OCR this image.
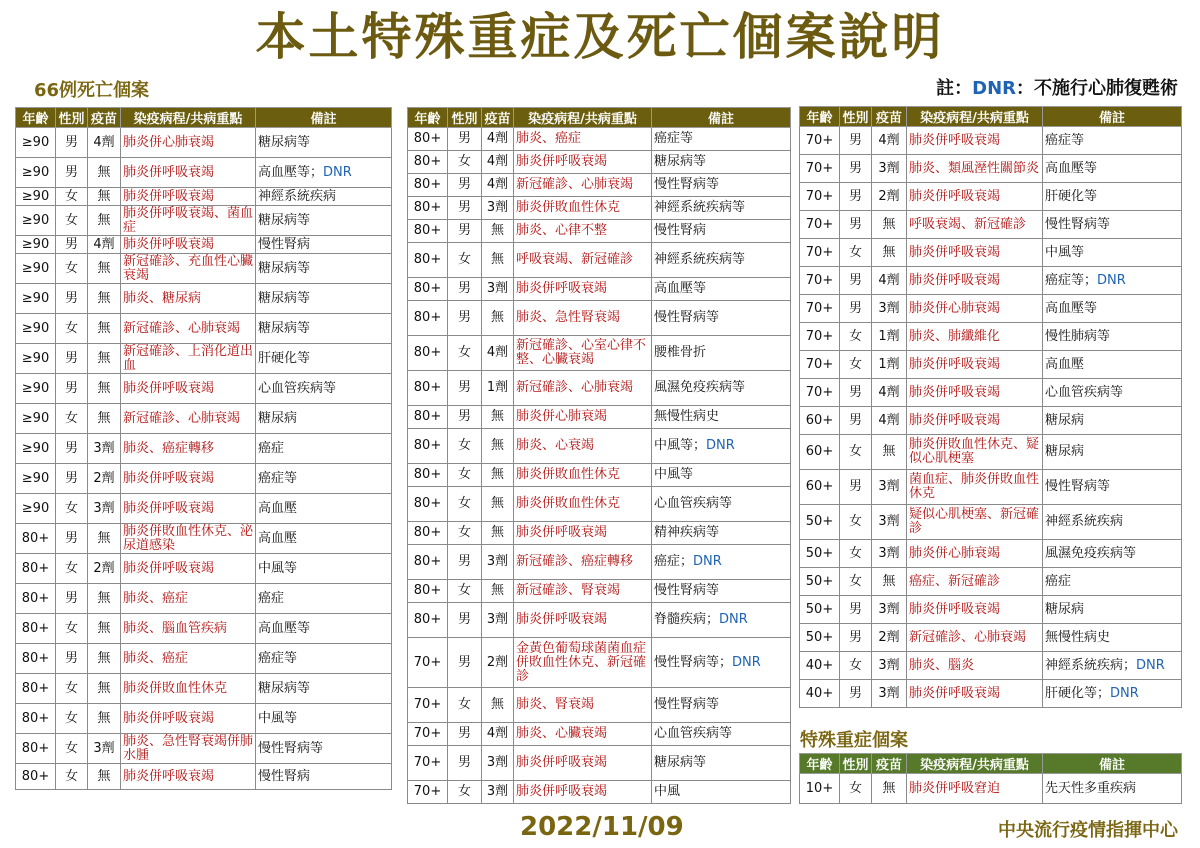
本土特殊重症及死亡個案說明
66例死亡個案	註：DNR：不施行心肺復甦術
年齡	性別	疫苗	染疫病程/共病重點	備註
≥90	男	4劑	肺炎併心肺衰竭	糖尿病等
≥90	男	無	肺炎併呼吸衰竭	高血壓等；DNR
≥90	女	無	肺炎併呼吸衰竭	神經系統疾病
≥90	女	無	肺炎併呼吸衰竭、菌血症	糖尿病等
≥90	男	4劑	肺炎併呼吸衰竭	慢性腎病
≥90	女	無	新冠確診、充血性心臟衰竭	糖尿病等
≥90	男	無	肺炎、糖尿病	糖尿病等
≥90	女	無	新冠確診、心肺衰竭	糖尿病等
≥90	男	無	新冠確診、上消化道出血	肝硬化等
≥90	男	無	肺炎併呼吸衰竭	心血管疾病等
≥90	女	無	新冠確診、心肺衰竭	糖尿病
≥90	男	3劑	肺炎、癌症轉移	癌症
≥90	男	2劑	肺炎併呼吸衰竭	癌症等
≥90	女	3劑	肺炎併呼吸衰竭	高血壓
80+	男	無	肺炎併敗血性休克、泌尿道感染	高血壓
80+	女	2劑	肺炎併呼吸衰竭	中風等
80+	男	無	肺炎、癌症	癌症
80+	女	無	肺炎、腦血管疾病	高血壓等
80+	男	無	肺炎、癌症	癌症等
80+	女	無	肺炎併敗血性休克	糖尿病等
80+	女	無	肺炎併呼吸衰竭	中風等
80+	女	3劑	肺炎、急性腎衰竭併肺水腫	慢性腎病等
80+	女	無	肺炎併呼吸衰竭	慢性腎病
年齡	性別	疫苗	染疫病程/共病重點	備註
80+	男	4劑	肺炎、癌症	癌症等
80+	女	4劑	肺炎併呼吸衰竭	糖尿病等
80+	男	4劑	新冠確診、心肺衰竭	慢性腎病等
80+	男	3劑	肺炎併敗血性休克	神經系統疾病等
80+	男	無	肺炎、心律不整	慢性腎病
80+	女	無	呼吸衰竭、新冠確診	神經系統疾病等
80+	男	3劑	肺炎併呼吸衰竭	高血壓等
80+	男	無	肺炎、急性腎衰竭	慢性腎病等
80+	女	4劑	新冠確診、心室心律不整、心臟衰竭	腰椎骨折
80+	男	1劑	新冠確診、心肺衰竭	風濕免疫疾病等
80+	男	無	肺炎併心肺衰竭	無慢性病史
80+	女	無	肺炎、心衰竭	中風等；DNR
80+	女	無	肺炎併敗血性休克	中風等
80+	女	無	肺炎併敗血性休克	心血管疾病等
80+	女	無	肺炎併呼吸衰竭	精神疾病等
80+	男	3劑	新冠確診、癌症轉移	癌症；DNR
80+	女	無	新冠確診、腎衰竭	慢性腎病等
80+	男	3劑	肺炎併呼吸衰竭	脊髓疾病；DNR
70+	男	2劑	金黃色葡萄球菌菌血症併敗血性休克、新冠確診	慢性腎病等；DNR
70+	女	無	肺炎、腎衰竭	慢性腎病等
70+	男	4劑	肺炎、心臟衰竭	心血管疾病等
70+	男	3劑	肺炎併呼吸衰竭	糖尿病等
70+	女	3劑	肺炎併呼吸衰竭	中風
年齡	性別	疫苗	染疫病程/共病重點	備註
70+	男	4劑	肺炎併呼吸衰竭	癌症等
70+	男	3劑	肺炎、類風溼性關節炎	高血壓等
70+	男	2劑	肺炎併呼吸衰竭	肝硬化等
70+	男	無	呼吸衰竭、新冠確診	慢性腎病等
70+	女	無	肺炎併呼吸衰竭	中風等
70+	男	4劑	肺炎併呼吸衰竭	癌症等；DNR
70+	男	3劑	肺炎併心肺衰竭	高血壓等
70+	女	1劑	肺炎、肺纖維化	慢性肺病等
70+	女	1劑	肺炎併呼吸衰竭	高血壓
70+	男	4劑	肺炎併呼吸衰竭	心血管疾病等
60+	男	4劑	肺炎併呼吸衰竭	糖尿病
60+	女	無	肺炎併敗血性休克、疑似心肌梗塞	糖尿病
60+	男	3劑	菌血症、肺炎併敗血性休克	慢性腎病等
50+	女	3劑	疑似心肌梗塞、新冠確診	神經系統疾病
50+	女	3劑	肺炎併心肺衰竭	風濕免疫疾病等
50+	女	無	癌症、新冠確診	癌症
50+	男	3劑	肺炎併呼吸衰竭	糖尿病
50+	男	2劑	新冠確診、心肺衰竭	無慢性病史
40+	女	3劑	肺炎、腦炎	神經系統疾病；DNR
40+	男	3劑	肺炎併呼吸衰竭	肝硬化等；DNR
特殊重症個案
年齡	性別	疫苗	染疫病程/共病重點	備註
10+	女	無	肺炎併呼吸窘迫	先天性多重疾病
2022/11/09	中央流行疫情指揮中心
